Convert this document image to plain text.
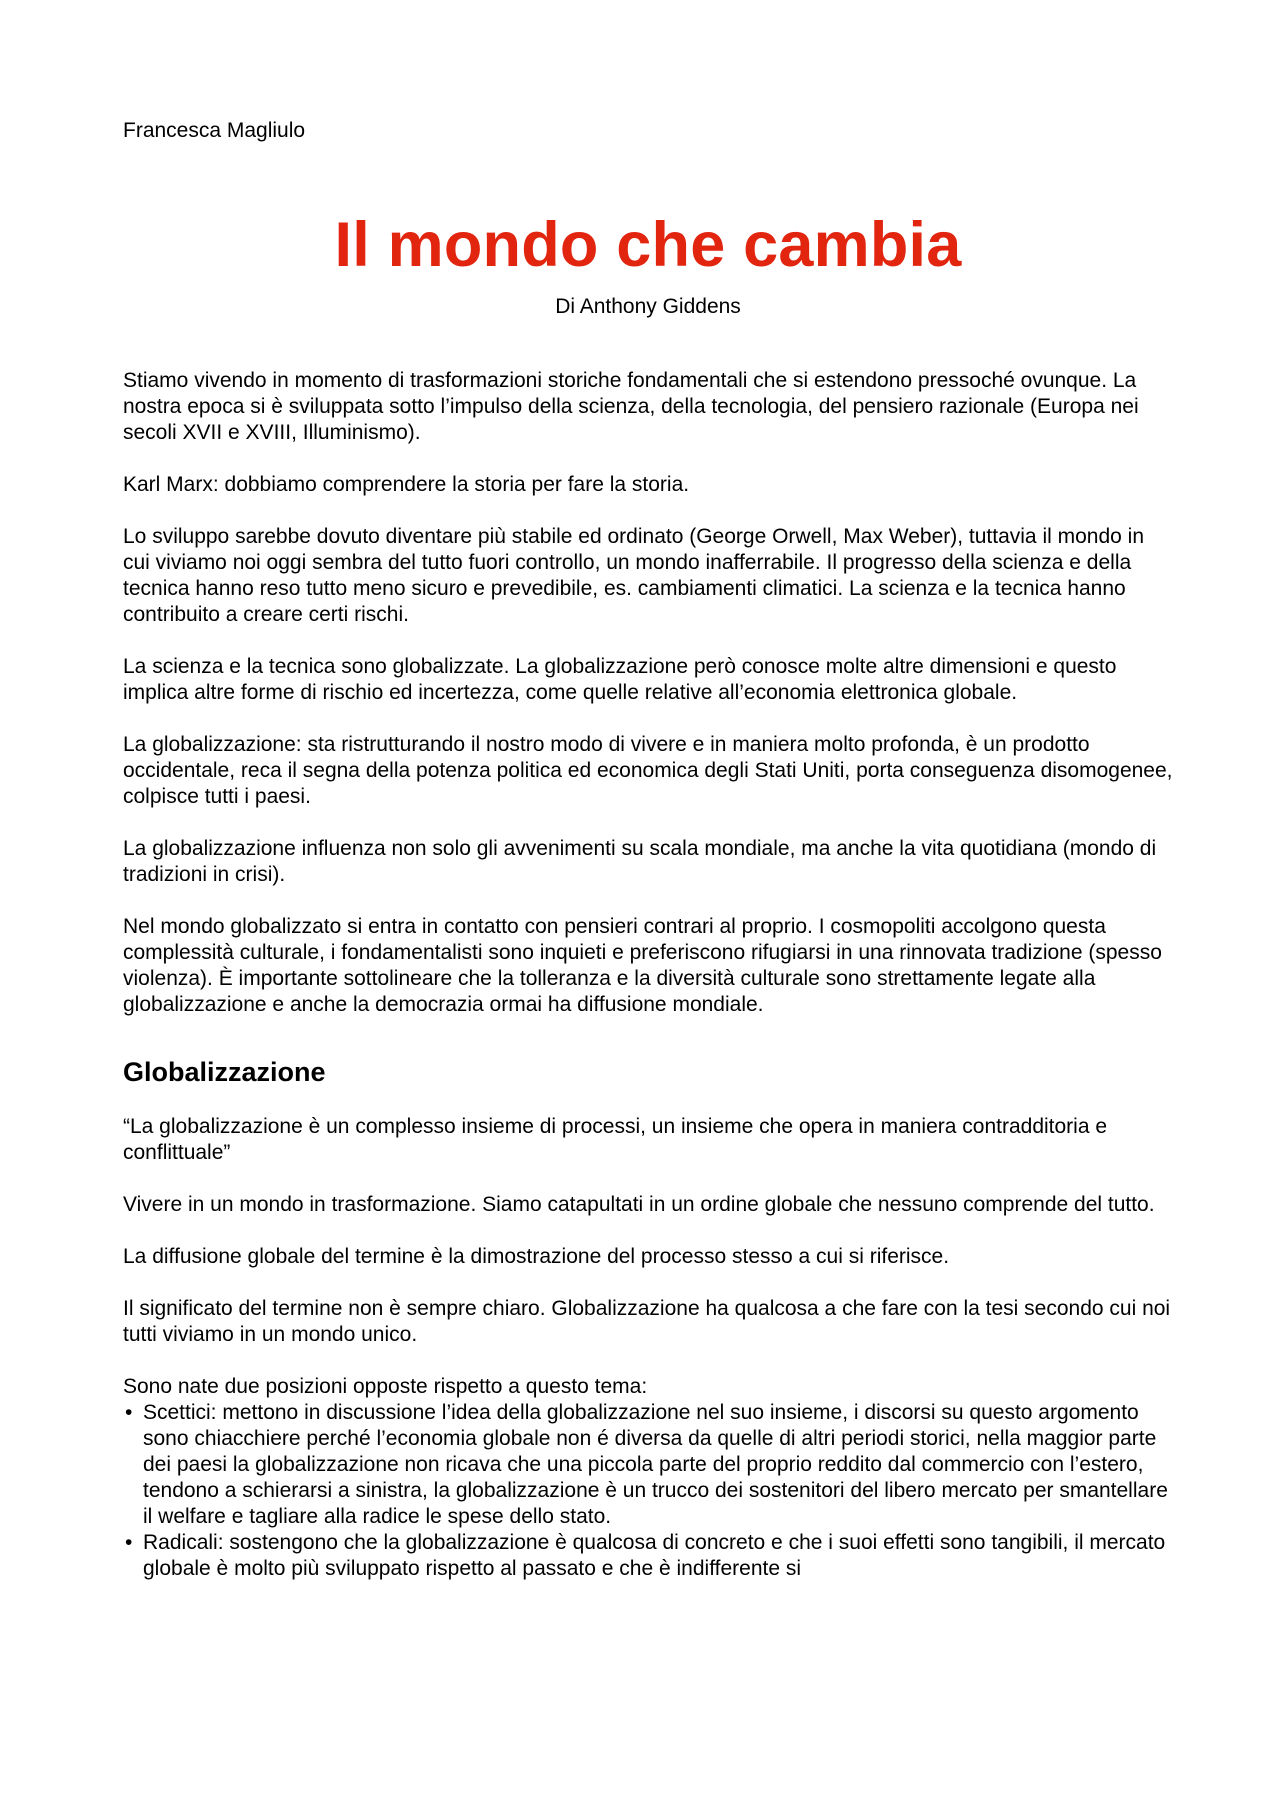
Francesca Magliulo

Il mondo che cambia

Di Anthony Giddens

Stiamo vivendo in momento di trasformazioni storiche fondamentali che si estendono pressoché ovunque. La nostra epoca si è sviluppata sotto l’impulso della scienza, della tecnologia, del pensiero razionale (Europa nei secoli XVII e XVIII, Illuminismo).

Karl Marx: dobbiamo comprendere la storia per fare la storia.

Lo sviluppo sarebbe dovuto diventare più stabile ed ordinato (George Orwell, Max Weber), tuttavia il mondo in cui viviamo noi oggi sembra del tutto fuori controllo, un mondo inafferrabile. Il progresso della scienza e della tecnica hanno reso tutto meno sicuro e prevedibile, es. cambiamenti climatici. La scienza e la tecnica hanno contribuito a creare certi rischi.

La scienza e la tecnica sono globalizzate. La globalizzazione però conosce molte altre dimensioni e questo implica altre forme di rischio ed incertezza, come quelle relative all’economia elettronica globale.

La globalizzazione: sta ristrutturando il nostro modo di vivere e in maniera molto profonda, è un prodotto occidentale, reca il segna della potenza politica ed economica degli Stati Uniti, porta conseguenza disomogenee, colpisce tutti i paesi.

La globalizzazione influenza non solo gli avvenimenti su scala mondiale, ma anche la vita quotidiana (mondo di tradizioni in crisi).

Nel mondo globalizzato si entra in contatto con pensieri contrari al proprio. I cosmopoliti accolgono questa complessità culturale, i fondamentalisti sono inquieti e preferiscono rifugiarsi in una rinnovata tradizione (spesso violenza). È importante sottolineare che la tolleranza e la diversità culturale sono strettamente legate alla globalizzazione e anche la democrazia ormai ha diffusione mondiale.

Globalizzazione

“La globalizzazione è un complesso insieme di processi, un insieme che opera in maniera contradditoria e conflittuale”

Vivere in un mondo in trasformazione. Siamo catapultati in un ordine globale che nessuno comprende del tutto.

La diffusione globale del termine è la dimostrazione del processo stesso a cui si riferisce.

Il significato del termine non è sempre chiaro. Globalizzazione ha qualcosa a che fare con la tesi secondo cui noi tutti viviamo in un mondo unico.

Sono nate due posizioni opposte rispetto a questo tema:

• Scettici: mettono in discussione l’idea della globalizzazione nel suo insieme, i discorsi su questo argomento sono chiacchiere perché l’economia globale non é diversa da quelle di altri periodi storici, nella maggior parte dei paesi la globalizzazione non ricava che una piccola parte del proprio reddito dal commercio con l’estero, tendono a schierarsi a sinistra, la globalizzazione è un trucco dei sostenitori del libero mercato per smantellare il welfare e tagliare alla radice le spese dello stato.
• Radicali: sostengono che la globalizzazione è qualcosa di concreto e che i suoi effetti sono tangibili, il mercato globale è molto più sviluppato rispetto al passato e che è indifferente si
